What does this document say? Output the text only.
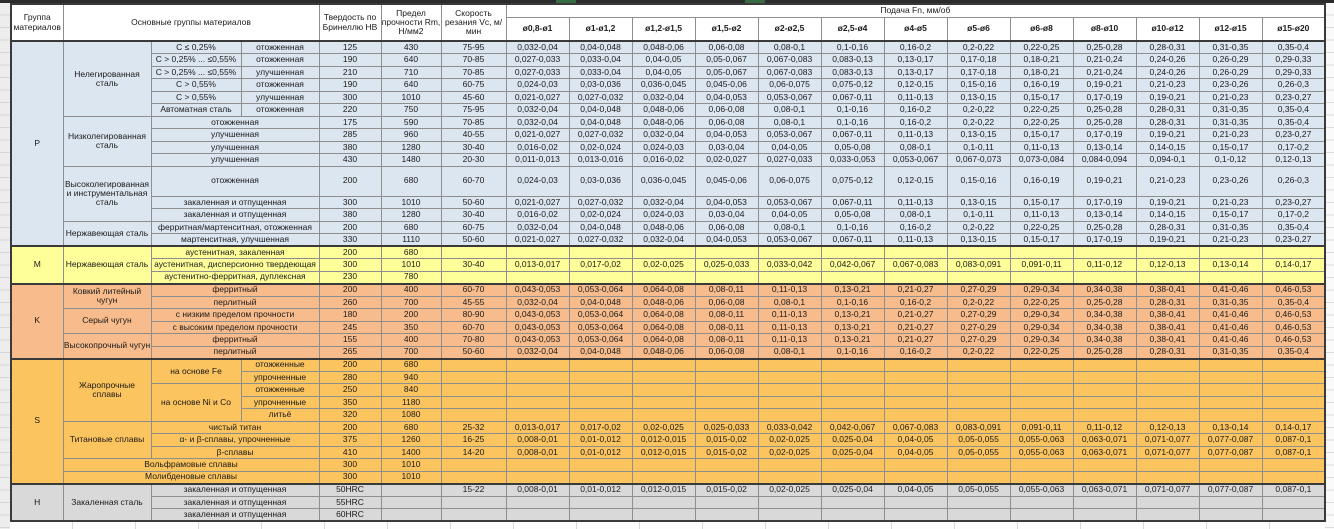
Группа материалов	Основные группы материалов			Твердость по Бринеллю HB	Предел прочности Rm, Н/мм2	Скорость резания Vc, м/мин	Подача Fn, мм/об												
							ø0,8-ø1	ø1-ø1,2	ø1,2-ø1,5	ø1,5-ø2	ø2-ø2,5	ø2,5-ø4	ø4-ø5	ø5-ø6	ø6-ø8	ø8-ø10	ø10-ø12	ø12-ø15	ø15-ø20
P	Нелегированная сталь	C ≤ 0,25%	отожженная	125	430	75-95	0,032-0,04	0,04-0,048	0,048-0,06	0,06-0,08	0,08-0,1	0,1-0,16	0,16-0,2	0,2-0,22	0,22-0,25	0,25-0,28	0,28-0,31	0,31-0,35	0,35-0,4
		C > 0,25% ... ≤0,55%	отожженная	190	640	70-85	0,027-0,033	0,033-0,04	0,04-0,05	0,05-0,067	0,067-0,083	0,083-0,13	0,13-0,17	0,17-0,18	0,18-0,21	0,21-0,24	0,24-0,26	0,26-0,29	0,29-0,33
		C > 0,25% ... ≤0,55%	улучшенная	210	710	70-85	0,027-0,033	0,033-0,04	0,04-0,05	0,05-0,067	0,067-0,083	0,083-0,13	0,13-0,17	0,17-0,18	0,18-0,21	0,21-0,24	0,24-0,26	0,26-0,29	0,29-0,33
		C > 0,55%	отожженная	190	640	60-75	0,024-0,03	0,03-0,036	0,036-0,045	0,045-0,06	0,06-0,075	0,075-0,12	0,12-0,15	0,15-0,16	0,16-0,19	0,19-0,21	0,21-0,23	0,23-0,26	0,26-0,3
		C > 0,55%	улучшенная	300	1010	45-60	0,021-0,027	0,027-0,032	0,032-0,04	0,04-0,053	0,053-0,067	0,067-0,11	0,11-0,13	0,13-0,15	0,15-0,17	0,17-0,19	0,19-0,21	0,21-0,23	0,23-0,27
		Автоматная сталь	отожженная	220	750	75-95	0,032-0,04	0,04-0,048	0,048-0,06	0,06-0,08	0,08-0,1	0,1-0,16	0,16-0,2	0,2-0,22	0,22-0,25	0,25-0,28	0,28-0,31	0,31-0,35	0,35-0,4
	Низколегированная сталь	отожженная		175	590	70-85	0,032-0,04	0,04-0,048	0,048-0,06	0,06-0,08	0,08-0,1	0,1-0,16	0,16-0,2	0,2-0,22	0,22-0,25	0,25-0,28	0,28-0,31	0,31-0,35	0,35-0,4
		улучшенная		285	960	40-55	0,021-0,027	0,027-0,032	0,032-0,04	0,04-0,053	0,053-0,067	0,067-0,11	0,11-0,13	0,13-0,15	0,15-0,17	0,17-0,19	0,19-0,21	0,21-0,23	0,23-0,27
		улучшенная		380	1280	30-40	0,016-0,02	0,02-0,024	0,024-0,03	0,03-0,04	0,04-0,05	0,05-0,08	0,08-0,1	0,1-0,11	0,11-0,13	0,13-0,14	0,14-0,15	0,15-0,17	0,17-0,2
		улучшенная		430	1480	20-30	0,011-0,013	0,013-0,016	0,016-0,02	0,02-0,027	0,027-0,033	0,033-0,053	0,053-0,067	0,067-0,073	0,073-0,084	0,084-0,094	0,094-0,1	0,1-0,12	0,12-0,13
	Высоколегированная и инструментальная сталь	отожженная		200	680	60-70	0,024-0,03	0,03-0,036	0,036-0,045	0,045-0,06	0,06-0,075	0,075-0,12	0,12-0,15	0,15-0,16	0,16-0,19	0,19-0,21	0,21-0,23	0,23-0,26	0,26-0,3
		закаленная и отпущенная		300	1010	50-60	0,021-0,027	0,027-0,032	0,032-0,04	0,04-0,053	0,053-0,067	0,067-0,11	0,11-0,13	0,13-0,15	0,15-0,17	0,17-0,19	0,19-0,21	0,21-0,23	0,23-0,27
		закаленная и отпущенная		380	1280	30-40	0,016-0,02	0,02-0,024	0,024-0,03	0,03-0,04	0,04-0,05	0,05-0,08	0,08-0,1	0,1-0,11	0,11-0,13	0,13-0,14	0,14-0,15	0,15-0,17	0,17-0,2
	Нержавеющая сталь	ферритная/мартенситная, отожженная		200	680	60-75	0,032-0,04	0,04-0,048	0,048-0,06	0,06-0,08	0,08-0,1	0,1-0,16	0,16-0,2	0,2-0,22	0,22-0,25	0,25-0,28	0,28-0,31	0,31-0,35	0,35-0,4
		мартенситная, улучшенная		330	1110	50-60	0,021-0,027	0,027-0,032	0,032-0,04	0,04-0,053	0,053-0,067	0,067-0,11	0,11-0,13	0,13-0,15	0,15-0,17	0,17-0,19	0,19-0,21	0,21-0,23	0,23-0,27
M	Нержавеющая сталь	аустенитная, закаленная		200	680														
		аустенитная, дисперсионно твердеющая		300	1010	30-40	0,013-0,017	0,017-0,02	0,02-0,025	0,025-0,033	0,033-0,042	0,042-0,067	0,067-0,083	0,083-0,091	0,091-0,11	0,11-0,12	0,12-0,13	0,13-0,14	0,14-0,17
		аустенитно-ферритная, дуплексная		230	780														
K	Ковкий литейный чугун	ферритный		200	400	60-70	0,043-0,053	0,053-0,064	0,064-0,08	0,08-0,11	0,11-0,13	0,13-0,21	0,21-0,27	0,27-0,29	0,29-0,34	0,34-0,38	0,38-0,41	0,41-0,46	0,46-0,53
		перлитный		260	700	45-55	0,032-0,04	0,04-0,048	0,048-0,06	0,06-0,08	0,08-0,1	0,1-0,16	0,16-0,2	0,2-0,22	0,22-0,25	0,25-0,28	0,28-0,31	0,31-0,35	0,35-0,4
	Серый чугун	с низким пределом прочности		180	200	80-90	0,043-0,053	0,053-0,064	0,064-0,08	0,08-0,11	0,11-0,13	0,13-0,21	0,21-0,27	0,27-0,29	0,29-0,34	0,34-0,38	0,38-0,41	0,41-0,46	0,46-0,53
		с высоким пределом прочности		245	350	60-70	0,043-0,053	0,053-0,064	0,064-0,08	0,08-0,11	0,11-0,13	0,13-0,21	0,21-0,27	0,27-0,29	0,29-0,34	0,34-0,38	0,38-0,41	0,41-0,46	0,46-0,53
	Высокопрочный чугун	ферритный		155	400	70-80	0,043-0,053	0,053-0,064	0,064-0,08	0,08-0,11	0,11-0,13	0,13-0,21	0,21-0,27	0,27-0,29	0,29-0,34	0,34-0,38	0,38-0,41	0,41-0,46	0,46-0,53
		перлитный		265	700	50-60	0,032-0,04	0,04-0,048	0,048-0,06	0,06-0,08	0,08-0,1	0,1-0,16	0,16-0,2	0,2-0,22	0,22-0,25	0,25-0,28	0,28-0,31	0,31-0,35	0,35-0,4
S	Жаропрочные сплавы	на основе Fe	отожженные	200	680														
			упрочненные	280	940														
		на основе Ni и Co	отожженные	250	840														
			упрочненные	350	1180														
			литьё	320	1080														
	Титановые сплавы	чистый титан		200	680	25-32	0,013-0,017	0,017-0,02	0,02-0,025	0,025-0,033	0,033-0,042	0,042-0,067	0,067-0,083	0,083-0,091	0,091-0,11	0,11-0,12	0,12-0,13	0,13-0,14	0,14-0,17
		α- и β-сплавы, упрочненные		375	1260	16-25	0,008-0,01	0,01-0,012	0,012-0,015	0,015-0,02	0,02-0,025	0,025-0,04	0,04-0,05	0,05-0,055	0,055-0,063	0,063-0,071	0,071-0,077	0,077-0,087	0,087-0,1
		β-сплавы		410	1400	14-20	0,008-0,01	0,01-0,012	0,012-0,015	0,015-0,02	0,02-0,025	0,025-0,04	0,04-0,05	0,05-0,055	0,055-0,063	0,063-0,071	0,071-0,077	0,077-0,087	0,087-0,1
	Вольфрамовые сплавы			300	1010														
	Молибденовые сплавы			300	1010														
H	Закаленная сталь	закаленная и отпущенная		50HRC		15-22	0,008-0,01	0,01-0,012	0,012-0,015	0,015-0,02	0,02-0,025	0,025-0,04	0,04-0,05	0,05-0,055	0,055-0,063	0,063-0,071	0,071-0,077	0,077-0,087	0,087-0,1
		закаленная и отпущенная		55HRC															
		закаленная и отпущенная		60HRC															
